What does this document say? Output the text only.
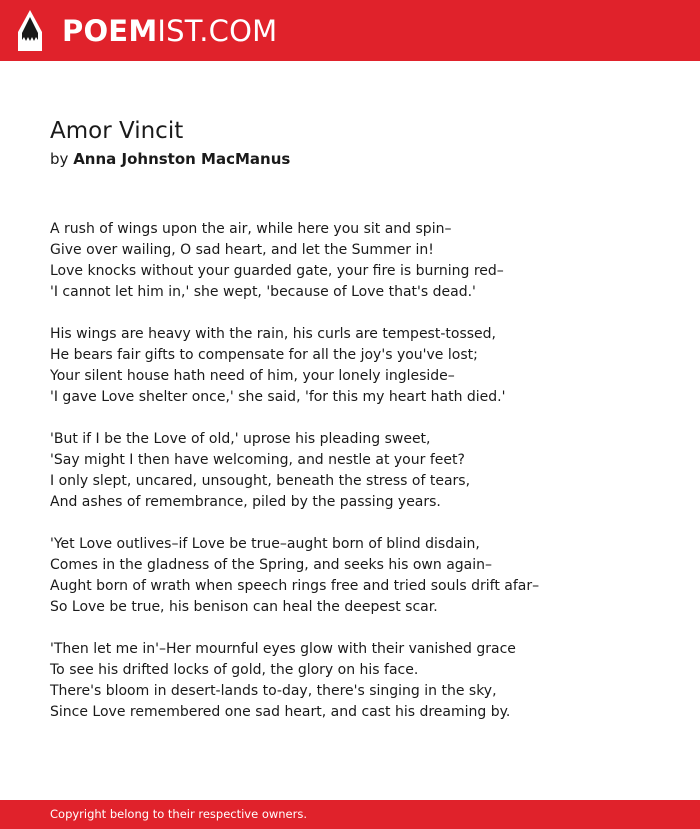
POEMIST.COM
Amor Vincit
by Anna Johnston MacManus
A rush of wings upon the air, while here you sit and spin–
Give over wailing, O sad heart, and let the Summer in!
Love knocks without your guarded gate, your fire is burning red–
'I cannot let him in,' she wept, 'because of Love that's dead.'
His wings are heavy with the rain, his curls are tempest-tossed,
He bears fair gifts to compensate for all the joy's you've lost;
Your silent house hath need of him, your lonely ingleside–
'I gave Love shelter once,' she said, 'for this my heart hath died.'
'But if I be the Love of old,' uprose his pleading sweet,
'Say might I then have welcoming, and nestle at your feet?
I only slept, uncared, unsought, beneath the stress of tears,
And ashes of remembrance, piled by the passing years.
'Yet Love outlives–if Love be true–aught born of blind disdain,
Comes in the gladness of the Spring, and seeks his own again–
Aught born of wrath when speech rings free and tried souls drift afar–
So Love be true, his benison can heal the deepest scar.
'Then let me in'–Her mournful eyes glow with their vanished grace
To see his drifted locks of gold, the glory on his face.
There's bloom in desert-lands to-day, there's singing in the sky,
Since Love remembered one sad heart, and cast his dreaming by.
Copyright belong to their respective owners.
